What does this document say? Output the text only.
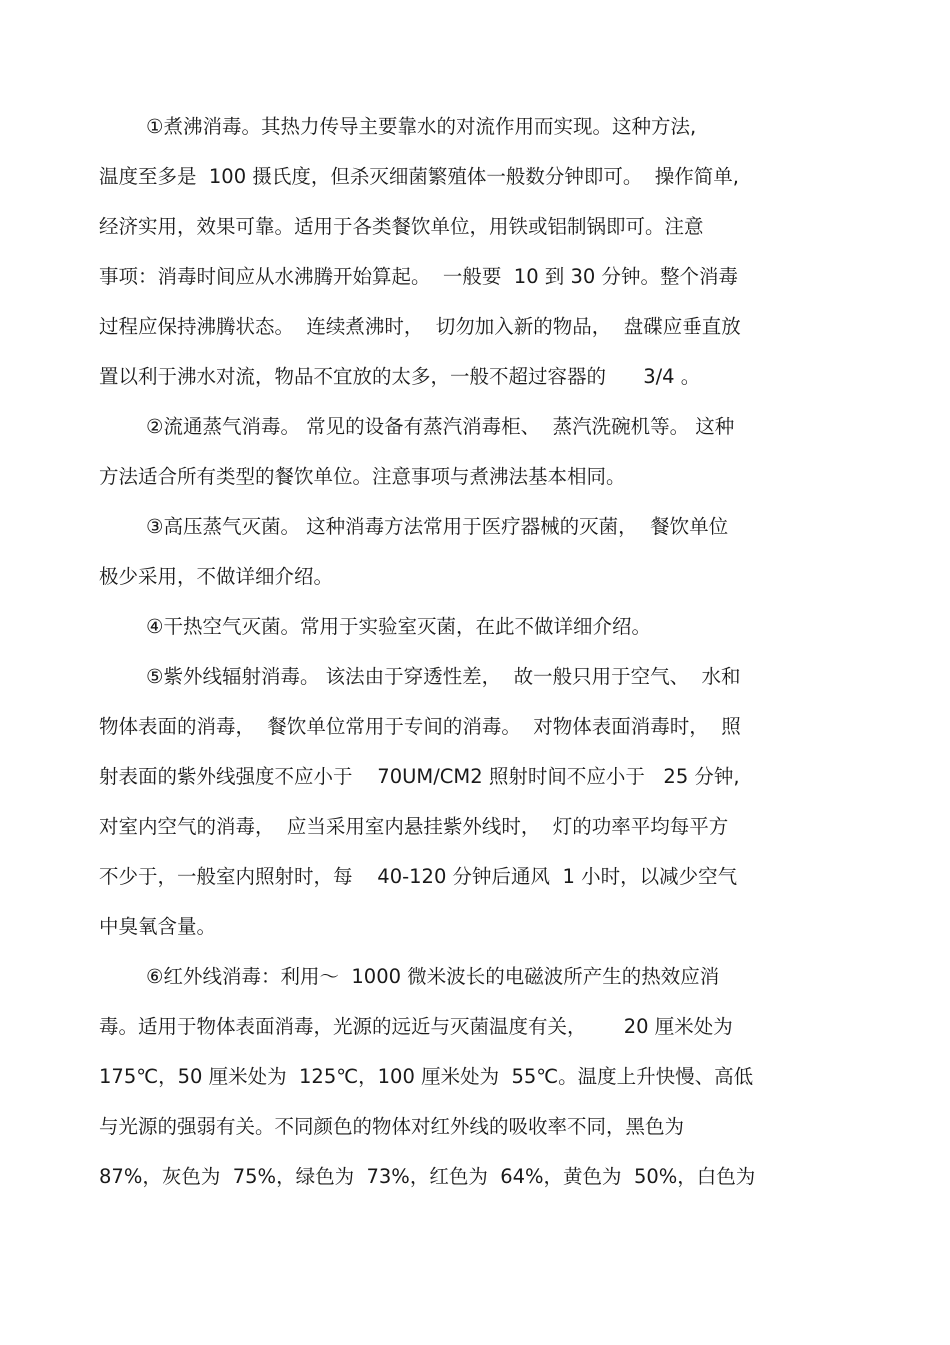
①煮沸消毒。其热力传导主要靠水的对流作用而实现。这种方法,
温度至多是  100 摄氏度，但杀灭细菌繁殖体一般数分钟即可。  操作简单,
经济实用，效果可靠。适用于各类餐饮单位，用铁或铝制锅即可。注意
事项：消毒时间应从水沸腾开始算起。  一般要  10 到 30 分钟。整个消毒
过程应保持沸腾状态。  连续煮沸时，  切勿加入新的物品，  盘碟应垂直放
置以利于沸水对流，物品不宜放的太多，一般不超过容器的      3/4 。
②流通蒸气消毒。 常见的设备有蒸汽消毒柜、  蒸汽洗碗机等。 这种
方法适合所有类型的餐饮单位。注意事项与煮沸法基本相同。
③高压蒸气灭菌。 这种消毒方法常用于医疗器械的灭菌，  餐饮单位
极少采用，不做详细介绍。
④干热空气灭菌。常用于实验室灭菌，在此不做详细介绍。
⑤紫外线辐射消毒。 该法由于穿透性差，  故一般只用于空气、  水和
物体表面的消毒，  餐饮单位常用于专间的消毒。  对物体表面消毒时，  照
射表面的紫外线强度不应小于    70UM/CM2 照射时间不应小于   25 分钟,
对室内空气的消毒，  应当采用室内悬挂紫外线时，  灯的功率平均每平方
不少于，一般室内照射时，每    40-120 分钟后通风  1 小时，以减少空气
中臭氧含量。
⑥红外线消毒：利用～  1000 微米波长的电磁波所产生的热效应消
毒。适用于物体表面消毒，光源的远近与灭菌温度有关，      20 厘米处为
175℃，50 厘米处为  125℃，100 厘米处为  55℃。温度上升快慢、高低
与光源的强弱有关。不同颜色的物体对红外线的吸收率不同，黑色为
87%，灰色为  75%，绿色为  73%，红色为  64%，黄色为  50%，白色为
